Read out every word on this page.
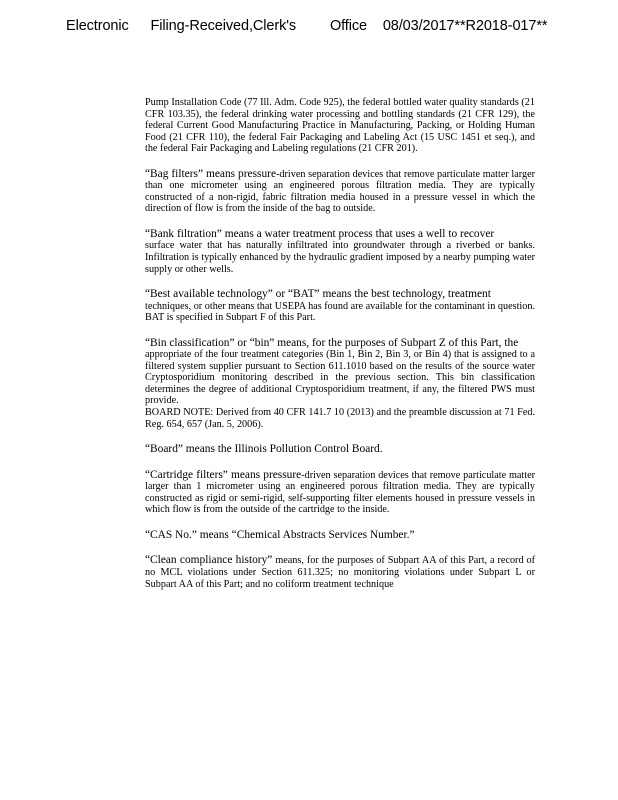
Electronic Filing-Received,Clerk's Office 08/03/2017**R2018-017**

Pump Installation Code (77 Ill. Adm. Code 925), the federal bottled water quality standards (21 CFR 103.35), the federal drinking water processing and bottling standards (21 CFR 129), the federal Current Good Manufacturing Practice in Manufacturing, Packing, or Holding Human Food (21 CFR 110), the federal Fair Packaging and Labeling Act (15 USC 1451 et seq.), and the federal Fair Packaging and Labeling regulations (21 CFR 201).

“Bag filters” means pressure-driven separation devices that remove particulate matter larger than one micrometer using an engineered porous filtration media. They are typically constructed of a non-rigid, fabric filtration media housed in a pressure vessel in which the direction of flow is from the inside of the bag to outside.

“Bank filtration” means a water treatment process that uses a well to recover
surface water that has naturally infiltrated into groundwater through a riverbed or banks. Infiltration is typically enhanced by the hydraulic gradient imposed by a nearby pumping water supply or other wells.

“Best available technology” or “BAT” means the best technology, treatment
techniques, or other means that USEPA has found are available for the contaminant in question. BAT is specified in Subpart F of this Part.

“Bin classification” or “bin” means, for the purposes of Subpart Z of this Part, the
appropriate of the four treatment categories (Bin 1, Bin 2, Bin 3, or Bin 4) that is assigned to a filtered system supplier pursuant to Section 611.1010 based on the results of the source water Cryptosporidium monitoring described in the previous section. This bin classification determines the degree of additional Cryptosporidium treatment, if any, the filtered PWS must provide.
BOARD NOTE: Derived from 40 CFR 141.7 10 (2013) and the preamble discussion at 71 Fed. Reg. 654, 657 (Jan. 5, 2006).

“Board” means the Illinois Pollution Control Board.

“Cartridge filters” means pressure-driven separation devices that remove particulate matter larger than 1 micrometer using an engineered porous filtration media. They are typically constructed as rigid or semi-rigid, self-supporting filter elements housed in pressure vessels in which flow is from the outside of the cartridge to the inside.

“CAS No.” means “Chemical Abstracts Services Number.”

“Clean compliance history” means, for the purposes of Subpart AA of this Part, a record of no MCL violations under Section 611.325; no monitoring violations under Subpart L or Subpart AA of this Part; and no coliform treatment technique
